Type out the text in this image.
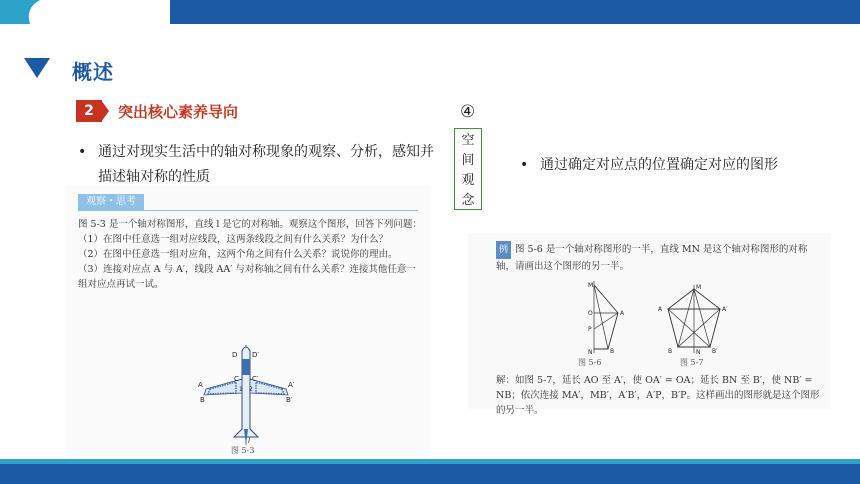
概述
2	突出核心素养导向
• 通过对现实生活中的轴对称现象的观察、分析，感知并描述轴对称的性质
④
空
间
观
念
• 通过确定对应点的位置确定对应的图形
观察・思考

图 5-3 是一个轴对称图形，直线 l 是它的对称轴。观察这个图形，回答下列问题：

（1）在图中任意选一组对应线段，这两条线段之间有什么关系？为什么？

（2）在图中任意选一组对应角，这两个角之间有什么关系？说说你的理由。

（3）连接对应点 A 与 A′，线段 AA′ 与对称轴之间有什么关系？连接其他任意一组对应点再试一试。

D D′
C C′
A	A′
B	B′
1 2
l
图 5-3

例 图 5-6 是一个轴对称图形的一半，直线 MN 是这个轴对称图形的对称轴，请画出这个图形的另一半。

M
O	A
P
B
N
M
A	A′
B	B′
N
图 5-6	图 5-7

解：如图 5-7，延长 AO 至 A′，使 OA′ = OA；延长 BN 至 B′，使 NB′ = NB；依次连接 MA′，MB′，A′B′，A′P，B′P。这样画出的图形就是这个图形的另一半。
